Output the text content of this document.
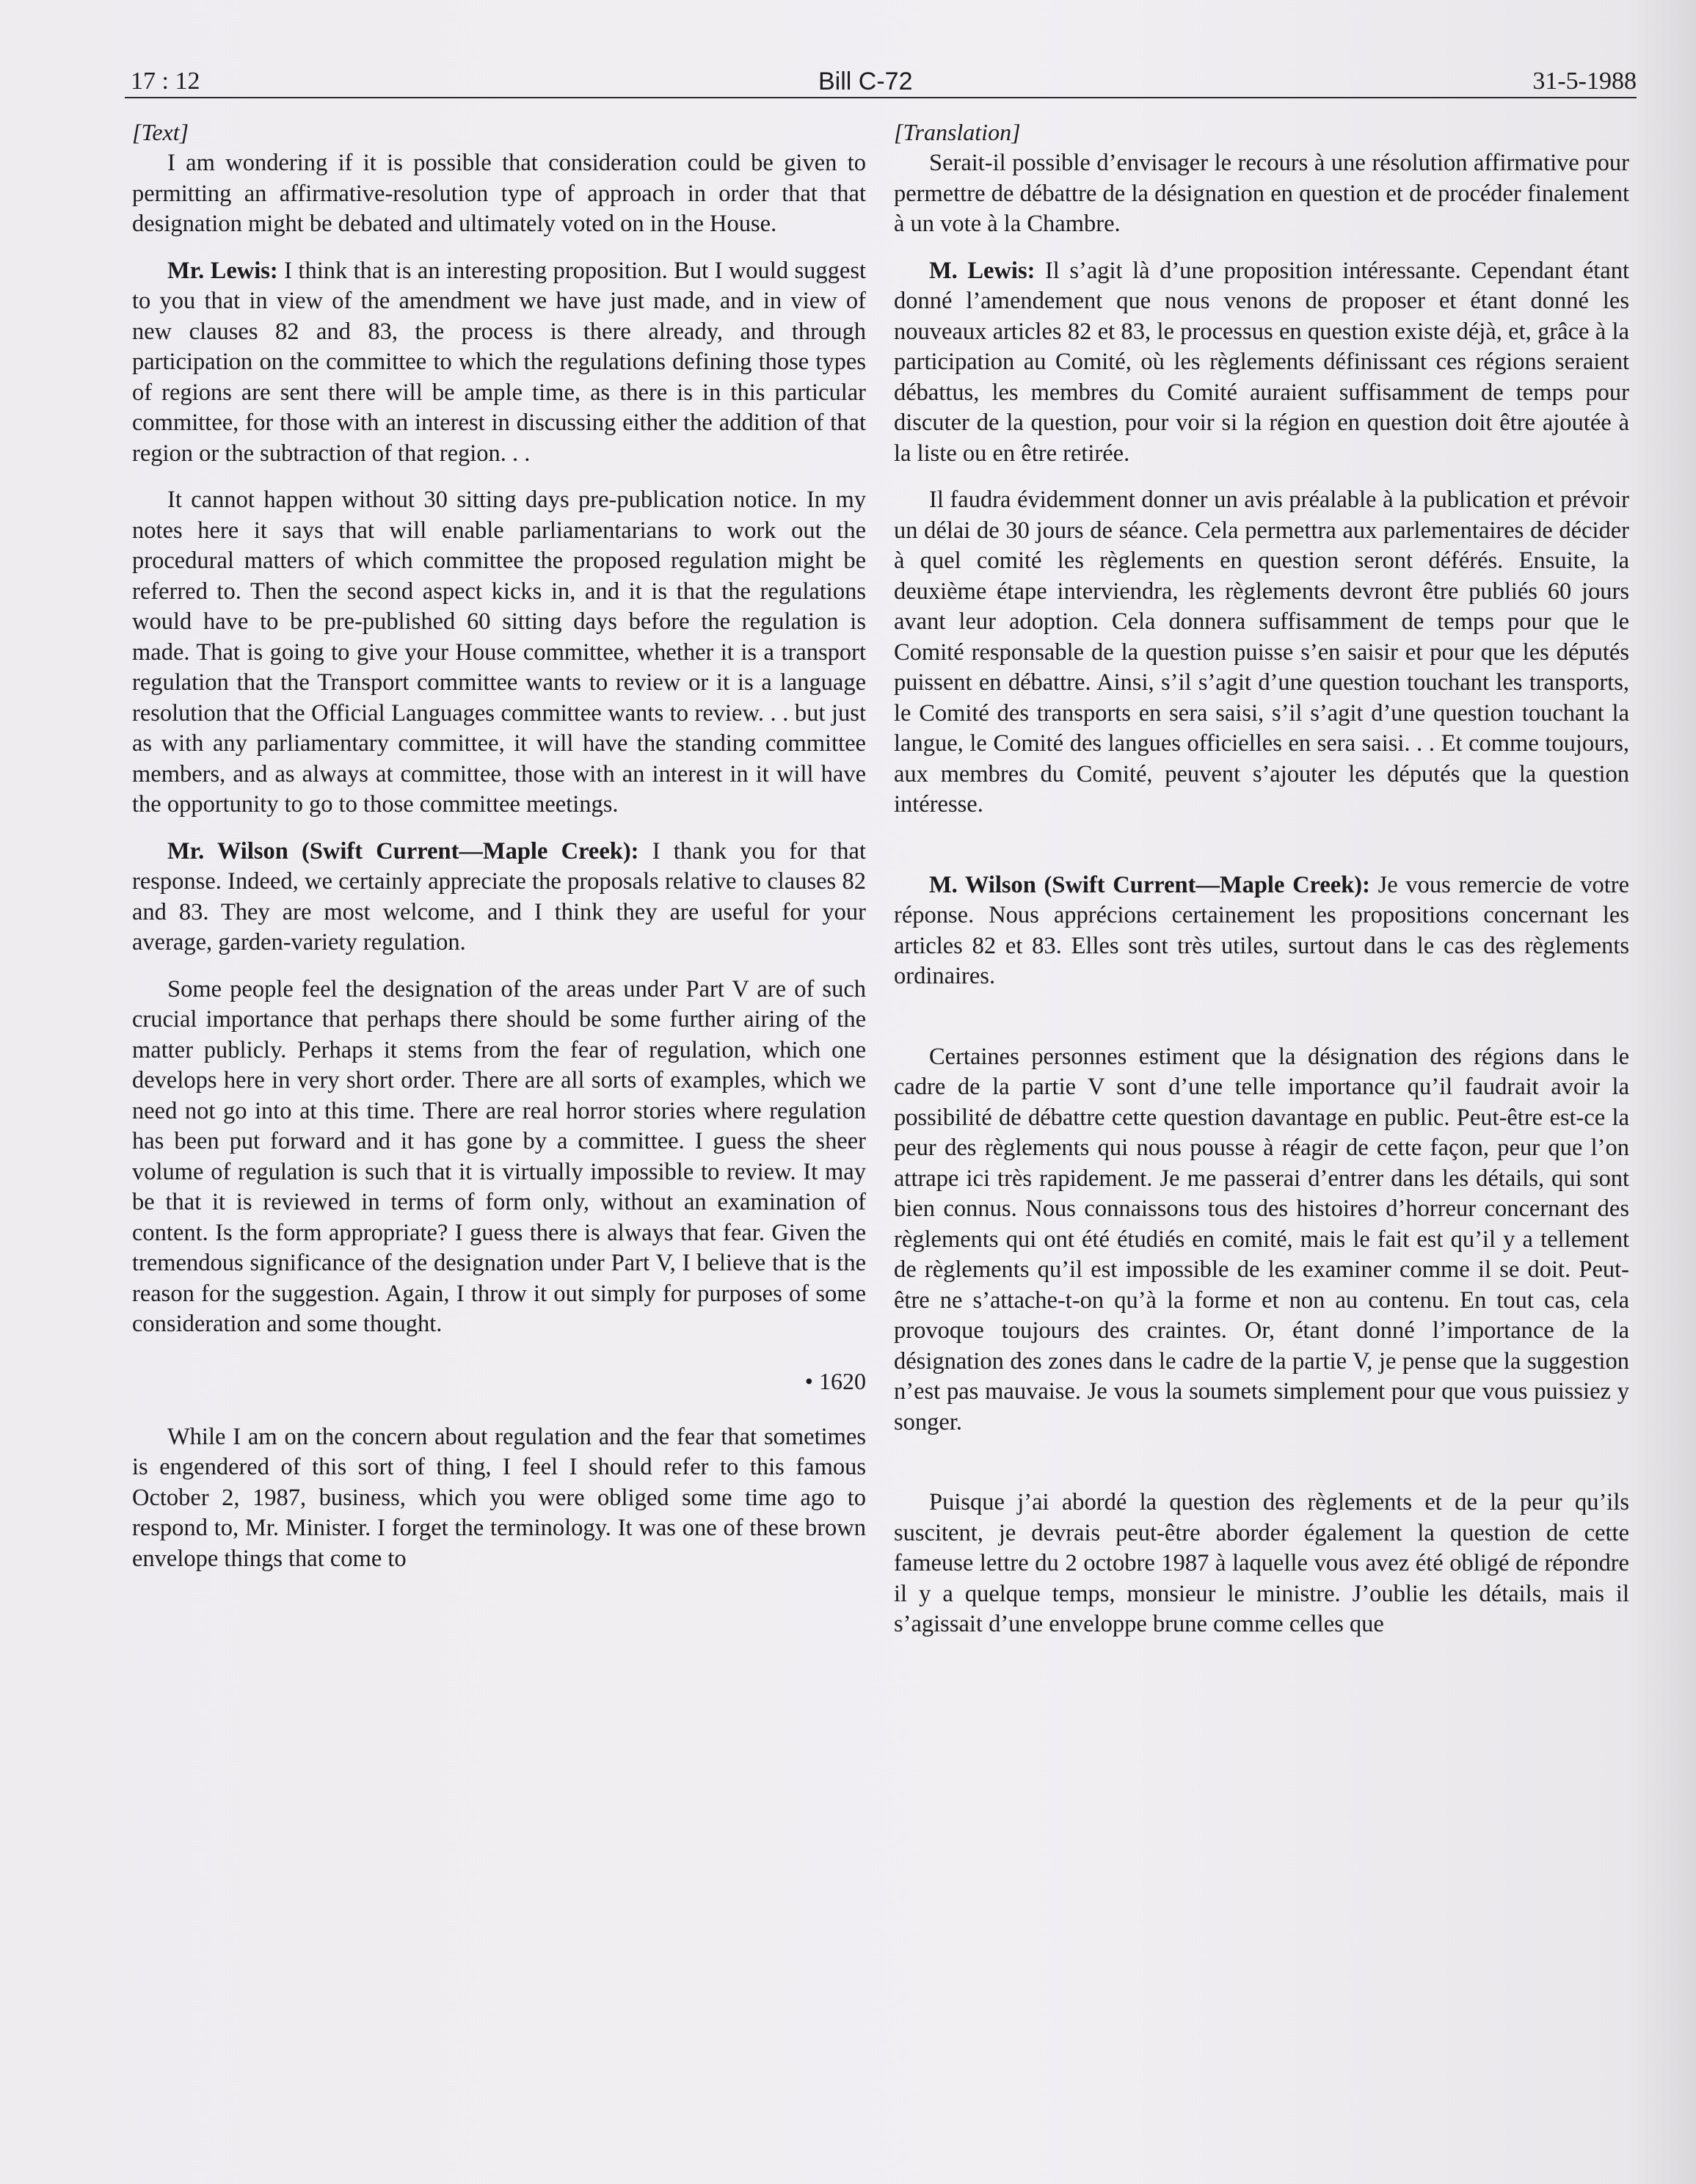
17 : 12	Bill C-72	31-5-1988
[Text]

I am wondering if it is possible that consideration could be given to permitting an affirmative-resolution type of approach in order that that designation might be debated and ultimately voted on in the House.

Mr. Lewis: I think that is an interesting proposition. But I would suggest to you that in view of the amendment we have just made, and in view of new clauses 82 and 83, the process is there already, and through participation on the committee to which the regulations defining those types of regions are sent there will be ample time, as there is in this particular committee, for those with an interest in discussing either the addition of that region or the subtraction of that region. . .

It cannot happen without 30 sitting days pre-publication notice. In my notes here it says that will enable parliamentarians to work out the procedural matters of which committee the proposed regulation might be referred to. Then the second aspect kicks in, and it is that the regulations would have to be pre-published 60 sitting days before the regulation is made. That is going to give your House committee, whether it is a transport regulation that the Transport committee wants to review or it is a language resolution that the Official Languages committee wants to review. . . but just as with any parliamentary committee, it will have the standing committee members, and as always at committee, those with an interest in it will have the opportunity to go to those committee meetings.

Mr. Wilson (Swift Current—Maple Creek): I thank you for that response. Indeed, we certainly appreciate the proposals relative to clauses 82 and 83. They are most welcome, and I think they are useful for your average, garden-variety regulation.

Some people feel the designation of the areas under Part V are of such crucial importance that perhaps there should be some further airing of the matter publicly. Perhaps it stems from the fear of regulation, which one develops here in very short order. There are all sorts of examples, which we need not go into at this time. There are real horror stories where regulation has been put forward and it has gone by a committee. I guess the sheer volume of regulation is such that it is virtually impossible to review. It may be that it is reviewed in terms of form only, without an examination of content. Is the form appropriate? I guess there is always that fear. Given the tremendous significance of the designation under Part V, I believe that is the reason for the suggestion. Again, I throw it out simply for purposes of some consideration and some thought.

• 1620

While I am on the concern about regulation and the fear that sometimes is engendered of this sort of thing, I feel I should refer to this famous October 2, 1987, business, which you were obliged some time ago to respond to, Mr. Minister. I forget the terminology. It was one of these brown envelope things that come to

[Translation]

Serait-il possible d’envisager le recours à une résolution affirmative pour permettre de débattre de la désignation en question et de procéder finalement à un vote à la Chambre.

M. Lewis: Il s’agit là d’une proposition intéressante. Cependant étant donné l’amendement que nous venons de proposer et étant donné les nouveaux articles 82 et 83, le processus en question existe déjà, et, grâce à la participation au Comité, où les règlements définissant ces régions seraient débattus, les membres du Comité auraient suffisamment de temps pour discuter de la question, pour voir si la région en question doit être ajoutée à la liste ou en être retirée.

Il faudra évidemment donner un avis préalable à la publication et prévoir un délai de 30 jours de séance. Cela permettra aux parlementaires de décider à quel comité les règlements en question seront déférés. Ensuite, la deuxième étape interviendra, les règlements devront être publiés 60 jours avant leur adoption. Cela donnera suffisamment de temps pour que le Comité responsable de la question puisse s’en saisir et pour que les députés puissent en débattre. Ainsi, s’il s’agit d’une question touchant les transports, le Comité des transports en sera saisi, s’il s’agit d’une question touchant la langue, le Comité des langues officielles en sera saisi. . . Et comme toujours, aux membres du Comité, peuvent s’ajouter les députés que la question intéresse.

M. Wilson (Swift Current—Maple Creek): Je vous remercie de votre réponse. Nous apprécions certainement les propositions concernant les articles 82 et 83. Elles sont très utiles, surtout dans le cas des règlements ordinaires.

Certaines personnes estiment que la désignation des régions dans le cadre de la partie V sont d’une telle importance qu’il faudrait avoir la possibilité de débattre cette question davantage en public. Peut-être est-ce la peur des règlements qui nous pousse à réagir de cette façon, peur que l’on attrape ici très rapidement. Je me passerai d’entrer dans les détails, qui sont bien connus. Nous connaissons tous des histoires d’horreur concernant des règlements qui ont été étudiés en comité, mais le fait est qu’il y a tellement de règlements qu’il est impossible de les examiner comme il se doit. Peut-être ne s’attache-t-on qu’à la forme et non au contenu. En tout cas, cela provoque toujours des craintes. Or, étant donné l’importance de la désignation des zones dans le cadre de la partie V, je pense que la suggestion n’est pas mauvaise. Je vous la soumets simplement pour que vous puissiez y songer.

Puisque j’ai abordé la question des règlements et de la peur qu’ils suscitent, je devrais peut-être aborder également la question de cette fameuse lettre du 2 octobre 1987 à laquelle vous avez été obligé de répondre il y a quelque temps, monsieur le ministre. J’oublie les détails, mais il s’agissait d’une enveloppe brune comme celles que
